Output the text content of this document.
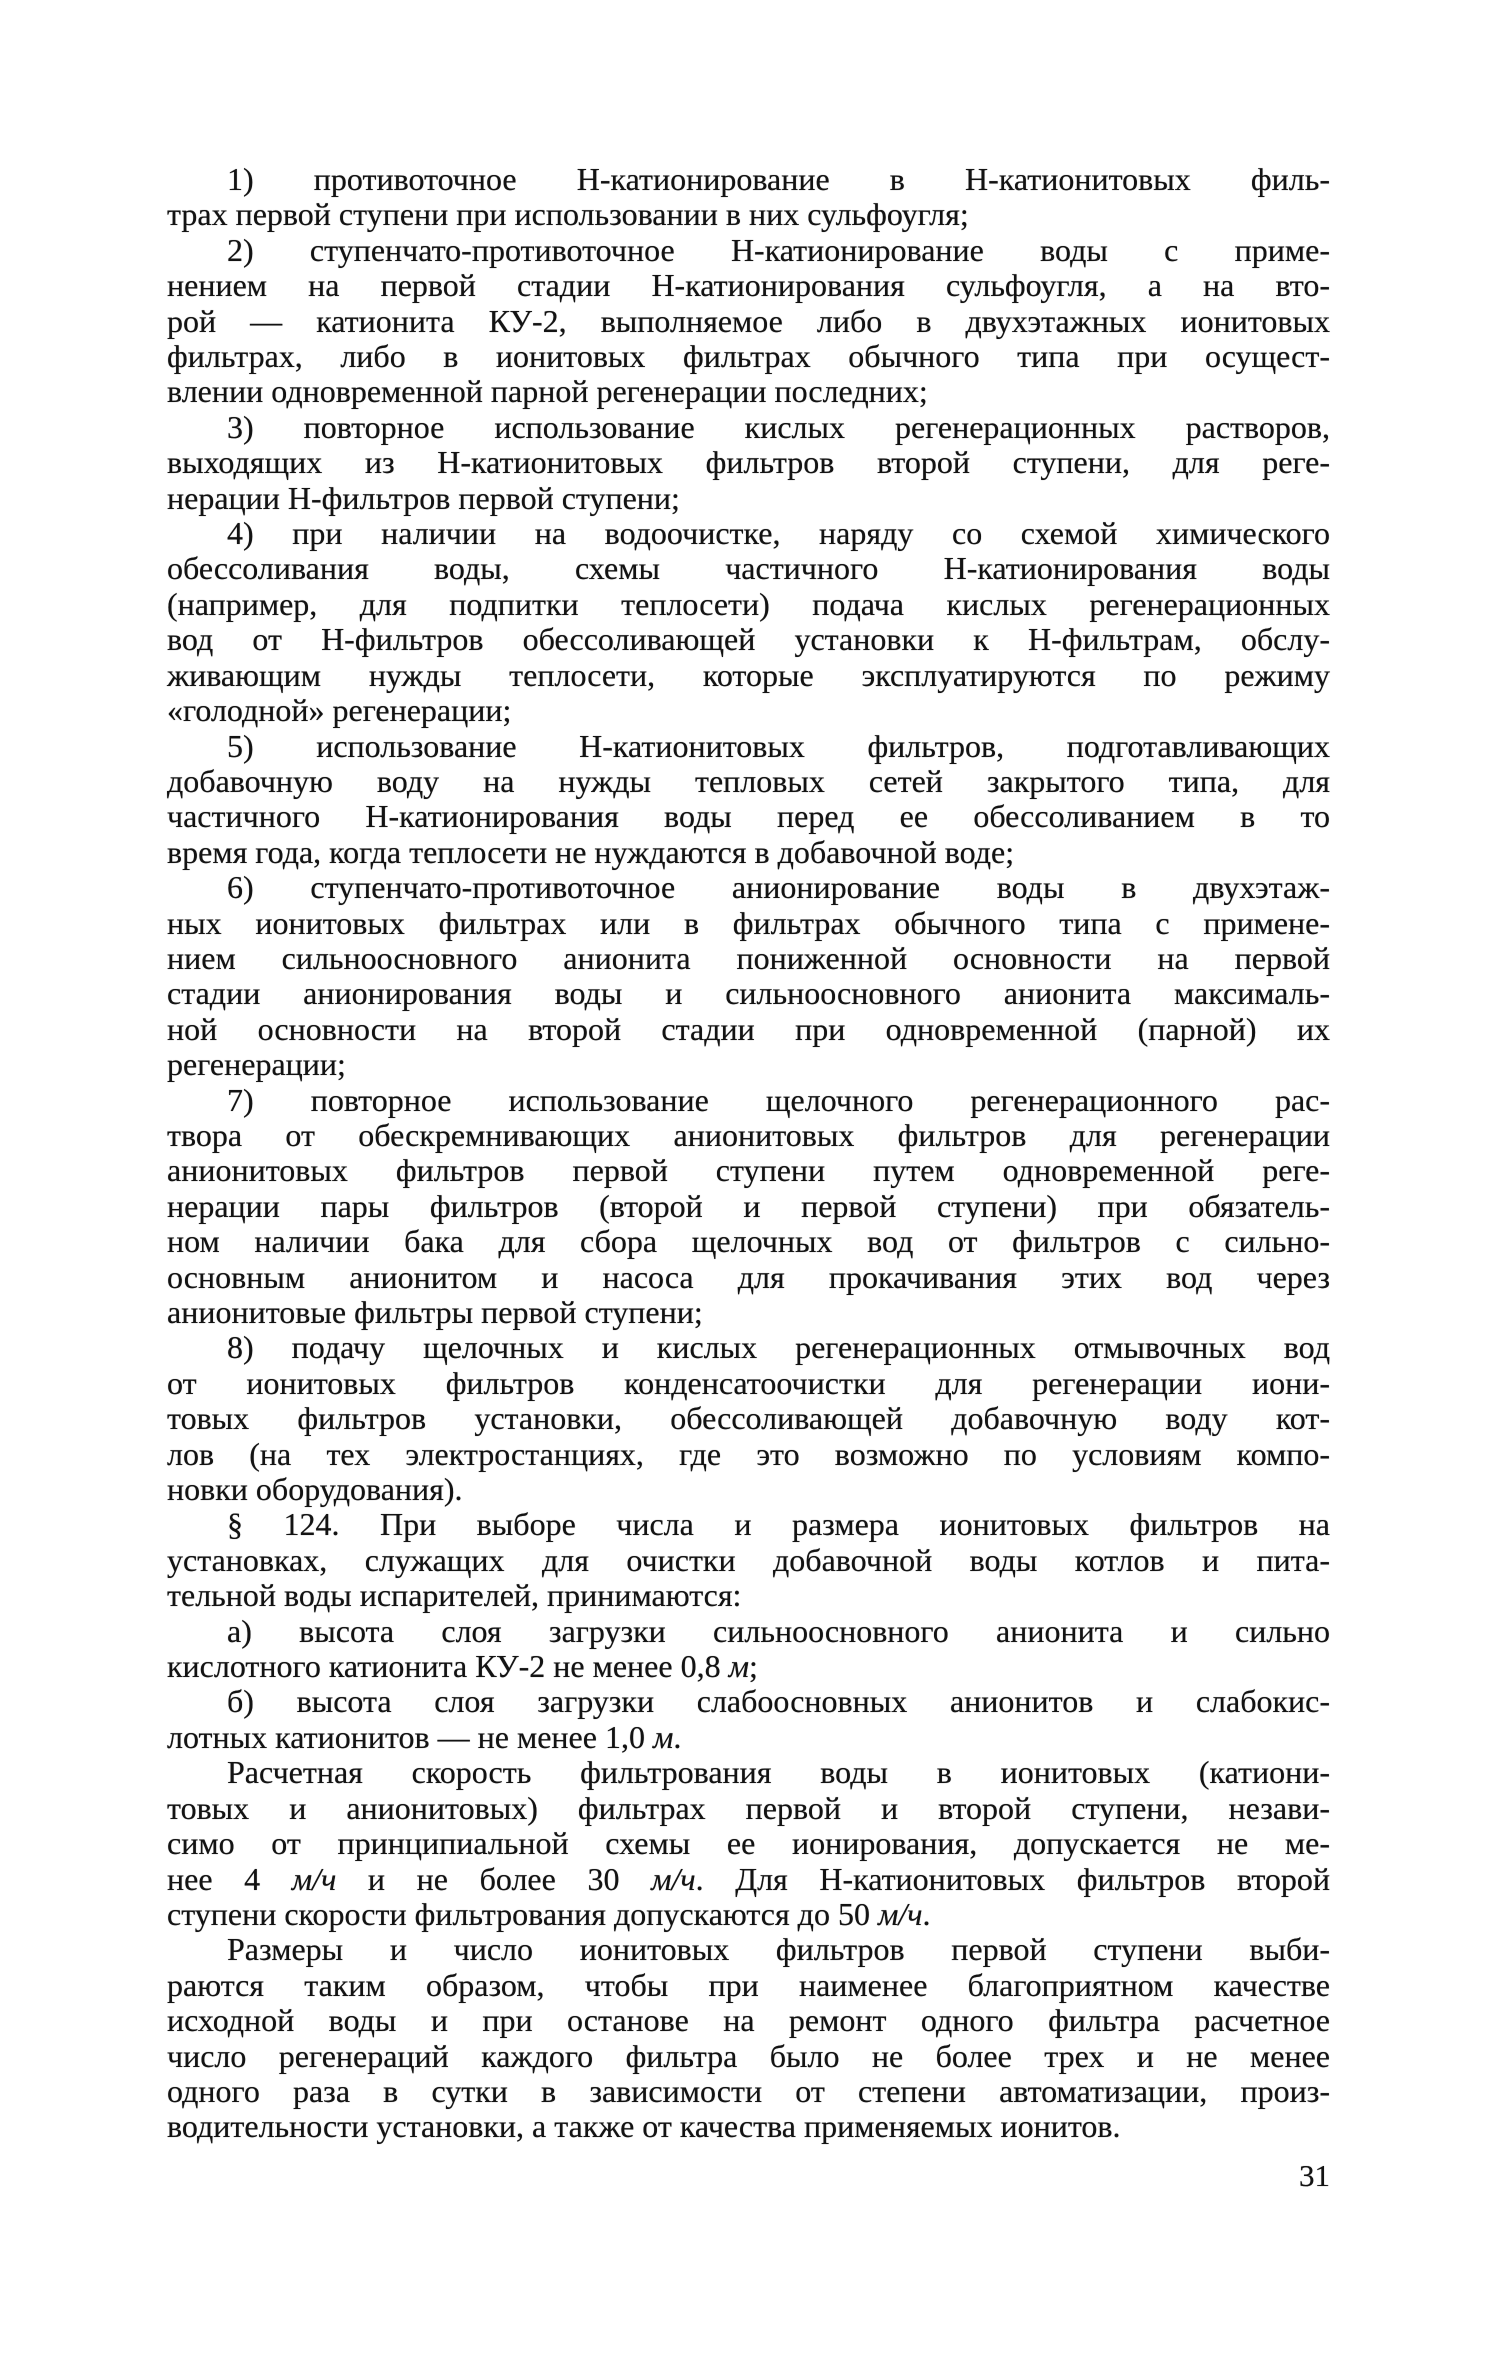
1) противоточное Н-катионирование в Н-катионитовых филь-
трах первой ступени при использовании в них сульфоугля;
2) ступенчато-противоточное Н-катионирование воды с приме-
нением на первой стадии Н-катионирования сульфоугля, а на вто-
рой — катионита КУ-2, выполняемое либо в двухэтажных ионитовых
фильтрах, либо в ионитовых фильтрах обычного типа при осущест-
влении одновременной парной регенерации последних;
3) повторное использование кислых регенерационных растворов,
выходящих из Н-катионитовых фильтров второй ступени, для реге-
нерации Н-фильтров первой ступени;
4) при наличии на водоочистке, наряду со схемой химического
обессоливания воды, схемы частичного Н-катионирования воды
(например, для подпитки теплосети) подача кислых регенерационных
вод от Н-фильтров обессоливающей установки к Н-фильтрам, обслу-
живающим нужды теплосети, которые эксплуатируются по режиму
«голодной» регенерации;
5) использование Н-катионитовых фильтров, подготавливающих
добавочную воду на нужды тепловых сетей закрытого типа, для
частичного Н-катионирования воды перед ее обессоливанием в то
время года, когда теплосети не нуждаются в добавочной воде;
6) ступенчато-противоточное анионирование воды в двухэтаж-
ных ионитовых фильтрах или в фильтрах обычного типа с примене-
нием сильноосновного анионита пониженной основности на первой
стадии анионирования воды и сильноосновного анионита максималь-
ной основности на второй стадии при одновременной (парной) их
регенерации;
7) повторное использование щелочного регенерационного рас-
твора от обескремнивающих анионитовых фильтров для регенерации
анионитовых фильтров первой ступени путем одновременной реге-
нерации пары фильтров (второй и первой ступени) при обязатель-
ном наличии бака для сбора щелочных вод от фильтров с сильно-
основным анионитом и насоса для прокачивания этих вод через
анионитовые фильтры первой ступени;
8) подачу щелочных и кислых регенерационных отмывочных вод
от ионитовых фильтров конденсатоочистки для регенерации иони-
товых фильтров установки, обессоливающей добавочную воду кот-
лов (на тех электростанциях, где это возможно по условиям компо-
новки оборудования).
§ 124. При выборе числа и размера ионитовых фильтров на
установках, служащих для очистки добавочной воды котлов и пита-
тельной воды испарителей, принимаются:
а) высота слоя загрузки сильноосновного анионита и сильно
кислотного катионита КУ-2 не менее 0,8 м;
б) высота слоя загрузки слабоосновных анионитов и слабокис-
лотных катионитов — не менее 1,0 м.
Расчетная скорость фильтрования воды в ионитовых (катиони-
товых и анионитовых) фильтрах первой и второй ступени, незави-
симо от принципиальной схемы ее ионирования, допускается не ме-
нее 4 м/ч и не более 30 м/ч. Для Н-катионитовых фильтров второй
ступени скорости фильтрования допускаются до 50 м/ч.
Размеры и число ионитовых фильтров первой ступени выби-
раются таким образом, чтобы при наименее благоприятном качестве
исходной воды и при останове на ремонт одного фильтра расчетное
число регенераций каждого фильтра было не более трех и не менее
одного раза в сутки в зависимости от степени автоматизации, произ-
водительности установки, а также от качества применяемых ионитов.
31
